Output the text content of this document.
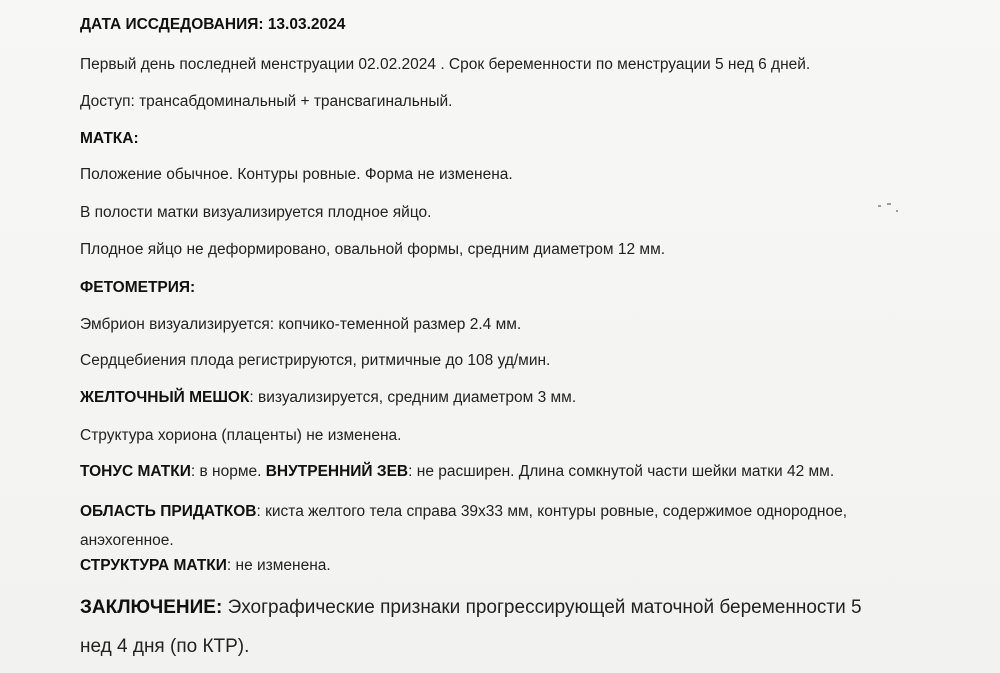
ДАТА ИССДЕДОВАНИЯ: 13.03.2024
Первый день последней менструации 02.02.2024 . Срок беременности по менструации 5 нед 6 дней.
Доступ: трансабдоминальный + трансвагинальный.
МАТКА:
Положение обычное. Контуры ровные. Форма не изменена.
В полости матки визуализируется плодное яйцо.
Плодное яйцо не деформировано, овальной формы, средним диаметром 12 мм.
ФЕТОМЕТРИЯ:
Эмбрион визуализируется: копчико-теменной размер 2.4 мм.
Сердцебиения плода регистрируются, ритмичные до 108 уд/мин.
ЖЕЛТОЧНЫЙ МЕШОК: визуализируется, средним диаметром 3 мм.
Структура хориона (плаценты) не изменена.
ТОНУС МАТКИ: в норме. ВНУТРЕННИЙ ЗЕВ: не расширен. Длина сомкнутой части шейки матки 42 мм.
ОБЛАСТЬ ПРИДАТКОВ: киста желтого тела справа 39х33 мм, контуры ровные, содержимое однородное,
анэхогенное.
СТРУКТУРА МАТКИ: не изменена.
ЗАКЛЮЧЕНИЕ: Эхографические признаки прогрессирующей маточной беременности 5
нед 4 дня (по КТР).
